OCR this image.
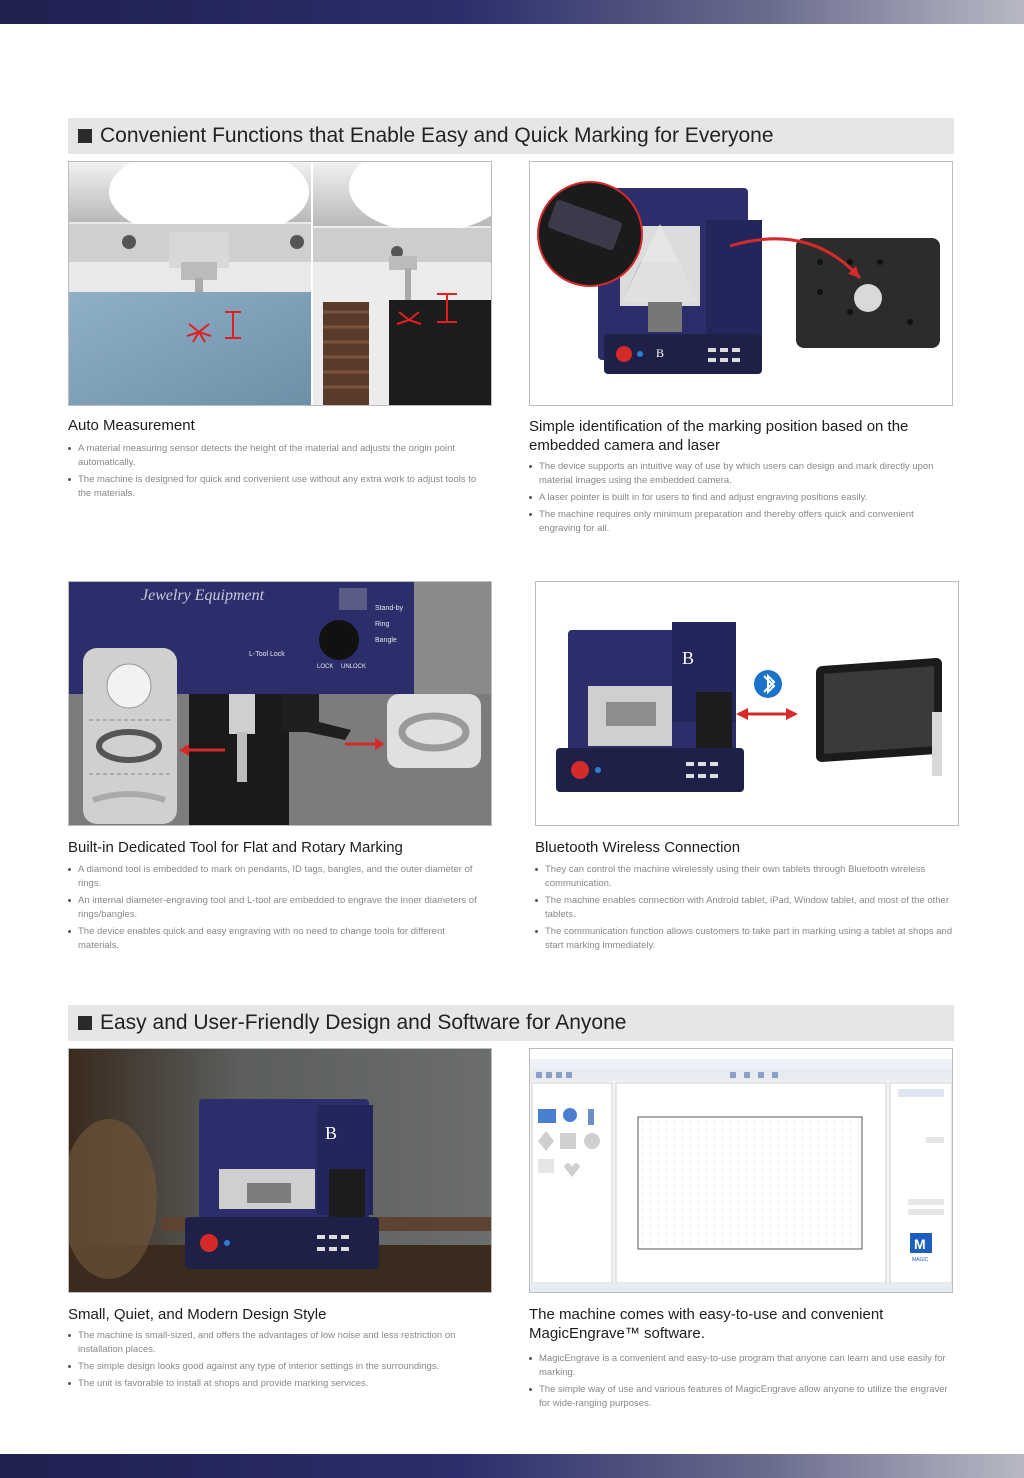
Convenient Functions that Enable Easy and Quick Marking for Everyone
Auto Measurement
A material measuring sensor detects the height of the material and adjusts the origin point automatically.
The machine is designed for quick and convenient use without any extra work to adjust tools to the materials.
B
Simple identification of the marking position based on the embedded camera and laser
The device supports an intuitive way of use by which users can design and mark directly upon material images using the embedded camera.
A laser pointer is built in for users to find and adjust engraving positions easily.
The machine requires only minimum preparation and thereby offers quick and convenient engraving for all.
Jewelry Equipment
Stand-by
Ring
Bangle
L-Tool Lock
LOCK UNLOCK
Built-in Dedicated Tool for Flat and Rotary Marking
A diamond tool is embedded to mark on pendants, ID tags, bangles, and the outer diameter of rings.
An internal diameter-engraving tool and L-tool are embedded to engrave the inner diameters of rings/bangles.
The device enables quick and easy engraving with no need to change tools for different materials.
B
Bluetooth Wireless Connection
They can control the machine wirelessly using their own tablets through Bluetooth wireless communication.
The machine enables connection with Android tablet, iPad, Window tablet, and most of the other tablets.
The communication function allows customers to take part in marking using a tablet at shops and start marking immediately.
Easy and User-Friendly Design and Software for Anyone
B
Small, Quiet, and Modern Design Style
The machine is small-sized, and offers the advantages of low noise and less restriction on installation places.
The simple design looks good against any type of interior settings in the surroundings.
The unit is favorable to install at shops and provide marking services.
M
MAGIC
The machine comes with easy-to-use and convenient MagicEngrave™ software.
MagicEngrave is a convenient and easy-to-use program that anyone can learn and use easily for marking.
The simple way of use and various features of MagicEngrave allow anyone to utilize the engraver for wide-ranging purposes.
